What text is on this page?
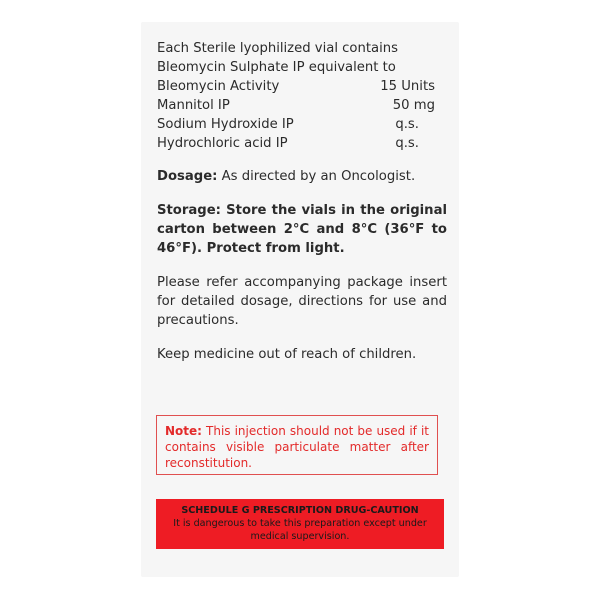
Each Sterile lyophilized vial contains
Bleomycin Sulphate IP equivalent to
Bleomycin Activity	15 Units
Mannitol IP	50 mg
Sodium Hydroxide IP	q.s.
Hydrochloric acid IP	q.s.
Dosage: As directed by an Oncologist.
Storage: Store the vials in the original carton between 2°C and 8°C (36°F to 46°F). Protect from light.
Please refer accompanying package insert for detailed dosage, directions for use and precautions.
Keep medicine out of reach of children.
Note: This injection should not be used if it contains visible particulate matter after reconstitution.
SCHEDULE G PRESCRIPTION DRUG-CAUTION
It is dangerous to take this preparation except under
medical supervision.
